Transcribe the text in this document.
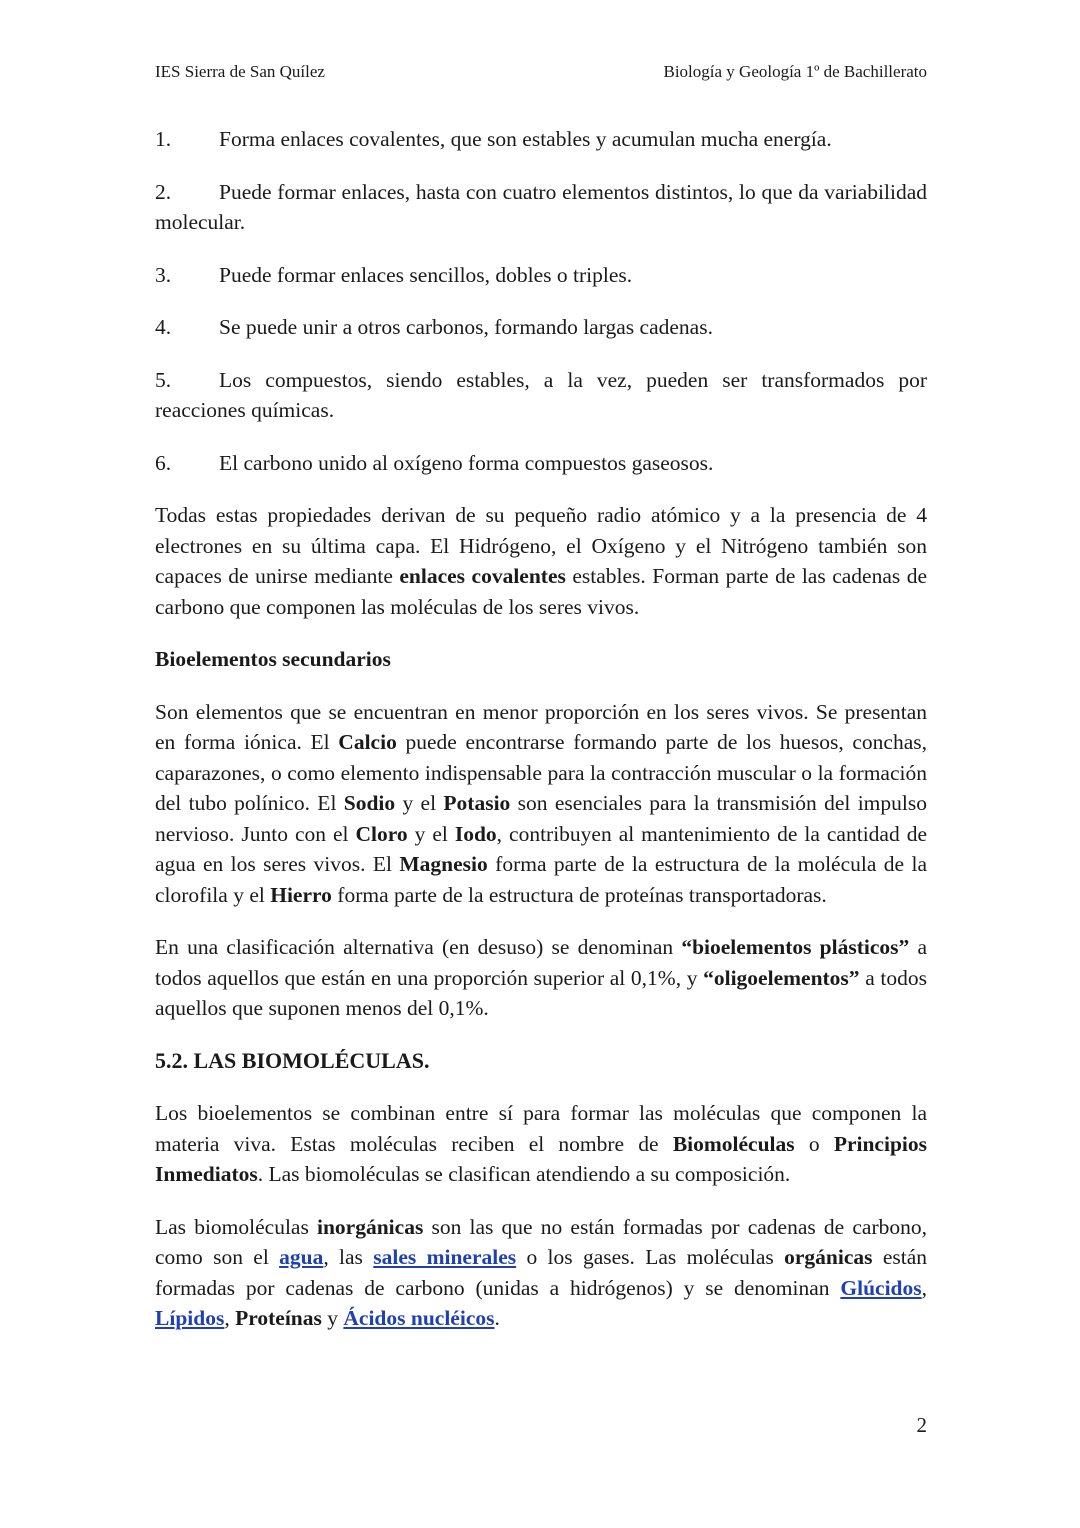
IES Sierra de San Quílez	Biología y Geología 1º de Bachillerato

1.	Forma enlaces covalentes, que son estables y acumulan mucha energía.

2. Puede formar enlaces, hasta con cuatro elementos distintos, lo que da variabilidad molecular.

3.	Puede formar enlaces sencillos, dobles o triples.

4.	Se puede unir a otros carbonos, formando largas cadenas.

5. Los compuestos, siendo estables, a la vez, pueden ser transformados por reacciones químicas.

6.	El carbono unido al oxígeno forma compuestos gaseosos.

Todas estas propiedades derivan de su pequeño radio atómico y a la presencia de 4 electrones en su última capa. El Hidrógeno, el Oxígeno y el Nitrógeno también son capaces de unirse mediante enlaces covalentes estables. Forman parte de las cadenas de carbono que componen las moléculas de los seres vivos.

Bioelementos secundarios

Son elementos que se encuentran en menor proporción en los seres vivos. Se presentan en forma iónica. El Calcio puede encontrarse formando parte de los huesos, conchas, caparazones, o como elemento indispensable para la contracción muscular o la formación del tubo polínico. El Sodio y el Potasio son esenciales para la transmisión del impulso nervioso. Junto con el Cloro y el Iodo, contribuyen al mantenimiento de la cantidad de agua en los seres vivos. El Magnesio forma parte de la estructura de la molécula de la clorofila y el Hierro forma parte de la estructura de proteínas transportadoras.

En una clasificación alternativa (en desuso) se denominan “bioelementos plásticos” a todos aquellos que están en una proporción superior al 0,1%, y “oligoelementos” a todos aquellos que suponen menos del 0,1%.

5.2. LAS BIOMOLÉCULAS.

Los bioelementos se combinan entre sí para formar las moléculas que componen la materia viva. Estas moléculas reciben el nombre de Biomoléculas o Principios Inmediatos. Las biomoléculas se clasifican atendiendo a su composición.

Las biomoléculas inorgánicas son las que no están formadas por cadenas de carbono, como son el agua, las sales minerales o los gases. Las moléculas orgánicas están formadas por cadenas de carbono (unidas a hidrógenos) y se denominan Glúcidos, Lípidos, Proteínas y Ácidos nucléicos.

2
